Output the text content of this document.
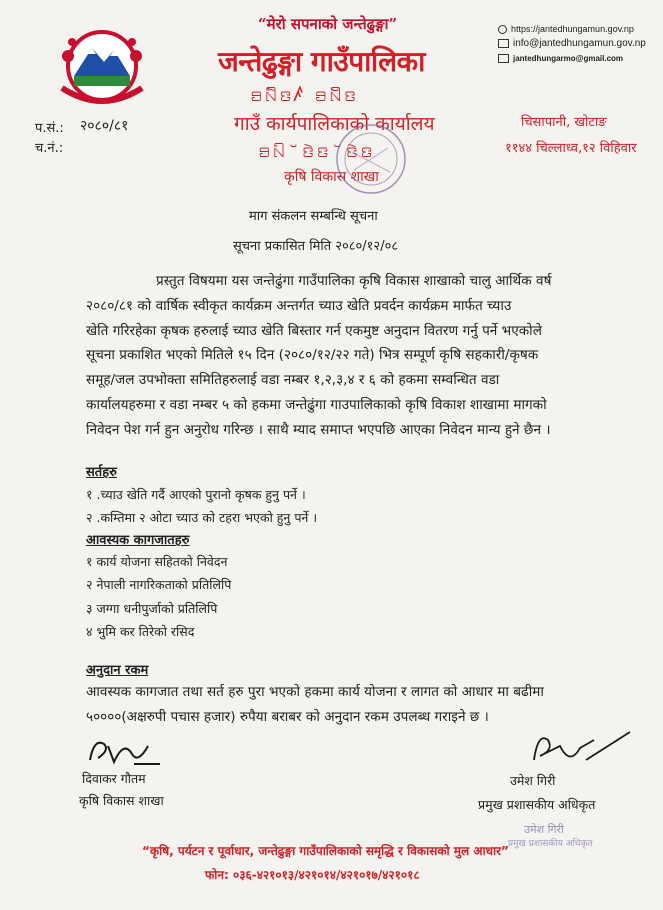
“मेरो सपनाको जन्तेढुङ्गा”
जन्तेढुङ्गा गाउँपालिका
ꤋꤡꤧꤢꤰ ꤋꤡꤩꤢ
गाउँ कार्यपालिकाको कार्यालय
ꤋꤡ ꤩꤢꤧꤢ ꤩꤢꤧꤢ
कृषि विकास शाखा
https://jantedhungamun.gov.np
info@jantedhungamun.gov.np
jantedhungarmo@gmail.com
चिसापानी, खोटाङ
११४४ चिल्लाध्व,१२ विहिवार
प.सं.: २०८०/८१
च.नं.:
माग संकलन सम्बन्धि सूचना
सूचना प्रकासित मिति २०८०/१२/०८

प्रस्तुत विषयमा यस जन्तेढुंगा गाउँपालिका कृषि विकास शाखाको चालु आर्थिक वर्ष
२०८०/८१ को वार्षिक स्वीकृत कार्यक्रम अन्तर्गत च्याउ खेति प्रवर्दन कार्यक्रम मार्फत च्याउ
खेति गरिरहेका कृषक हरुलाई च्याउ खेति बिस्तार गर्न एकमुष्ट अनुदान वितरण गर्नु पर्ने भएकोले
सूचना प्रकाशित भएको मितिले १५ दिन (२०८०/१२/२२ गते) भित्र सम्पूर्ण कृषि सहकारी/कृषक
समूह/जल उपभोक्ता समितिहरुलाई वडा नम्बर १,२,३,४ र ६ को हकमा सम्वन्धित वडा
कार्यालयहरुमा र वडा नम्बर ५ को हकमा जन्तेढुंगा गाउपालिकाको कृषि विकाश शाखामा मागको
निवेदन पेश गर्न हुन अनुरोध गरिन्छ । साथै म्याद समाप्त भएपछि आएका निवेदन मान्य हुने छैन ।

सर्तहरु
१ .च्याउ खेति गर्दै आएको पुरानो कृषक हुनु पर्ने ।
२ .कम्तिमा २ ओटा च्याउ को टहरा भएको हुनु पर्ने ।
आवस्यक कागजातहरु
१ कार्य योजना सहितको निवेदन
२ नेपाली नागरिकताको प्रतिलिपि
३ जग्गा धनीपुर्जाको प्रतिलिपि
४ भुमि कर तिरेको रसिद
अनुदान रकम

आवस्यक कागजात तथा सर्त हरु पुरा भएको हकमा कार्य योजना र लागत को आधार मा बढीमा
५००००(अक्षरुपी पचास हजार) रुपैया बराबर को अनुदान रकम उपलब्ध गराइने छ ।

दिवाकर गौतम
कृषि विकास शाखा
उमेश गिरी
प्रमुख प्रशासकीय अधिकृत
उमेश गिरी
प्रमुख प्रशासकीय अधिकृत
“कृषि, पर्यटन र पूर्वाधार, जन्तेढुङ्गा गाउँपालिकाको समृद्धि र विकासको मुल आधार”
फोन: ०३६-४२१०१३/४२१०१४/४२१०१७/४२१०१८
